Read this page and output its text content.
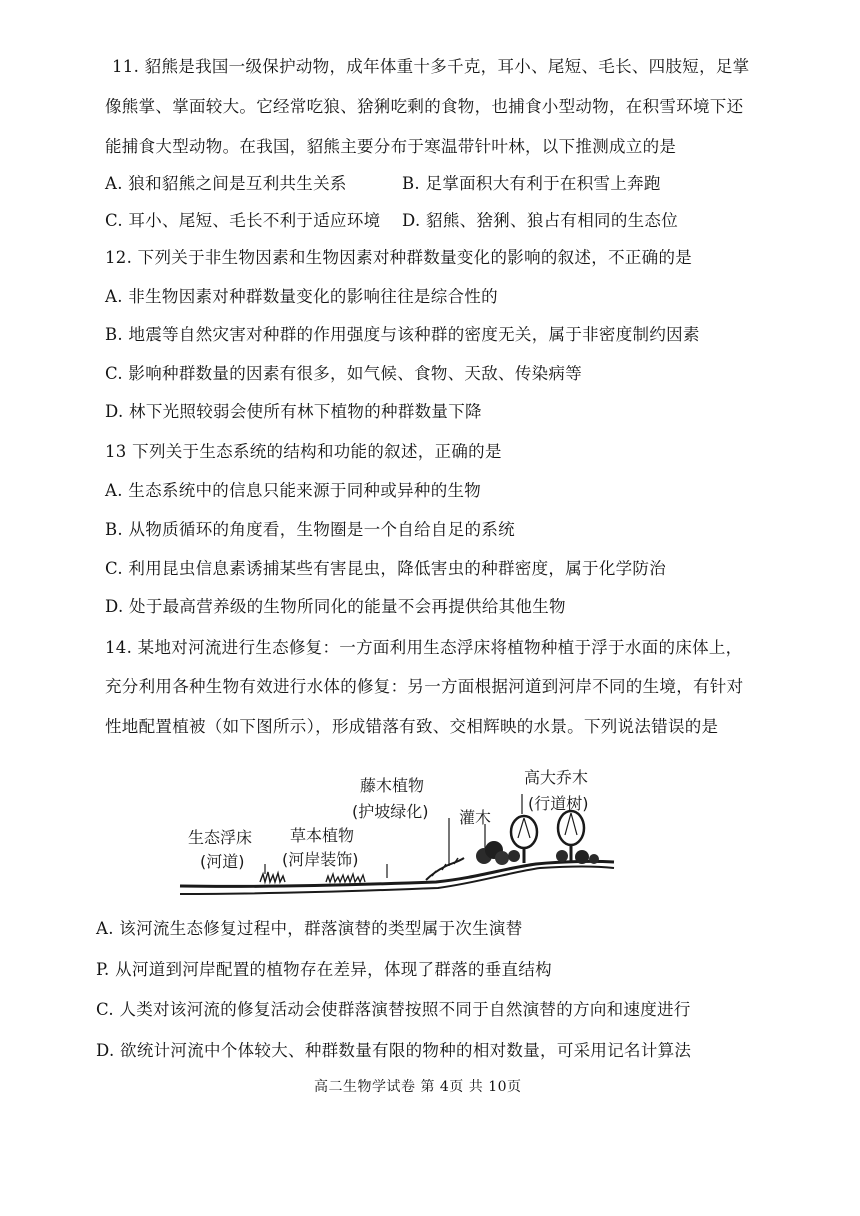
11. 貂熊是我国一级保护动物，成年体重十多千克，耳小、尾短、毛长、四肢短，足掌
像熊掌、掌面较大。它经常吃狼、猞猁吃剩的食物，也捕食小型动物，在积雪环境下还
能捕食大型动物。在我国，貂熊主要分布于寒温带针叶林，以下推测成立的是
A. 狼和貂熊之间是互利共生关系	B. 足掌面积大有利于在积雪上奔跑
C. 耳小、尾短、毛长不利于适应环境 D. 貂熊、猞猁、狼占有相同的生态位
12. 下列关于非生物因素和生物因素对种群数量变化的影响的叙述，不正确的是
A. 非生物因素对种群数量变化的影响往往是综合性的
B. 地震等自然灾害对种群的作用强度与该种群的密度无关，属于非密度制约因素
C. 影响种群数量的因素有很多，如气候、食物、天敌、传染病等
D. 林下光照较弱会使所有林下植物的种群数量下降
13 下列关于生态系统的结构和功能的叙述，正确的是
A. 生态系统中的信息只能来源于同种或异种的生物
B. 从物质循环的角度看，生物圈是一个自给自足的系统
C. 利用昆虫信息素诱捕某些有害昆虫，降低害虫的种群密度，属于化学防治
D. 处于最高营养级的生物所同化的能量不会再提供给其他生物
14. 某地对河流进行生态修复：一方面利用生态浮床将植物种植于浮于水面的床体上，
充分利用各种生物有效进行水体的修复：另一方面根据河道到河岸不同的生境，有针对
性地配置植被（如下图所示），形成错落有致、交相辉映的水景。下列说法错误的是
生态浮床
(河道)
草本植物
(河岸装饰)
藤木植物
(护坡绿化) 灌木
高大乔木
(行道树)
A. 该河流生态修复过程中，群落演替的类型属于次生演替
P. 从河道到河岸配置的植物存在差异，体现了群落的垂直结构
C. 人类对该河流的修复活动会使群落演替按照不同于自然演替的方向和速度进行
D. 欲统计河流中个体较大、种群数量有限的物种的相对数量，可采用记名计算法
高二生物学试卷 第 4页 共 10页
